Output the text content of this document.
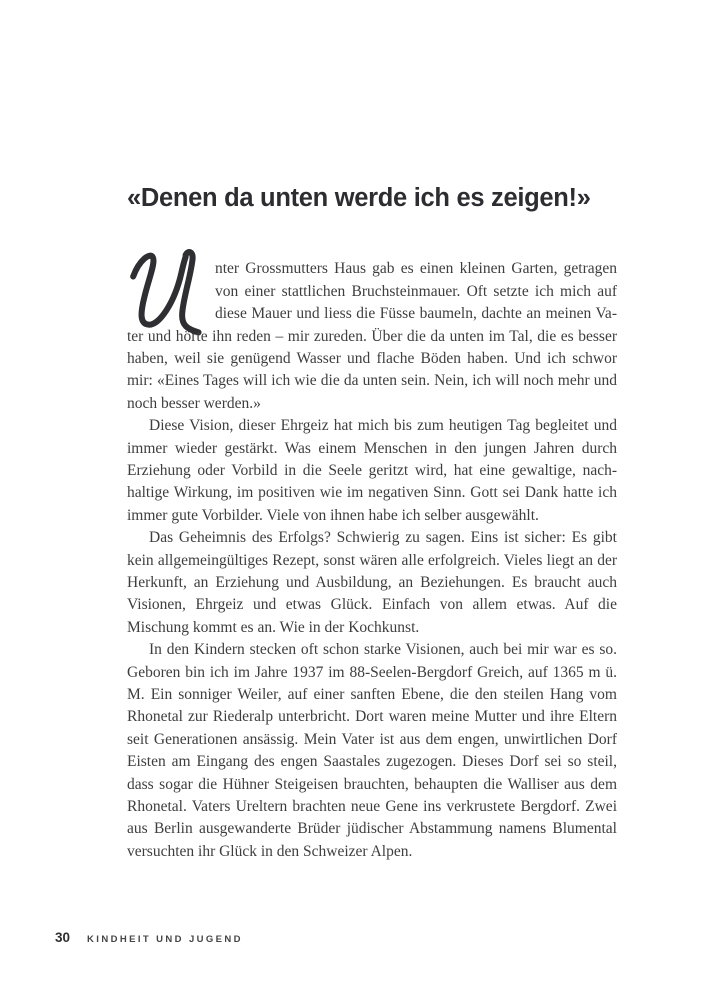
«Denen da unten werde ich es zeigen!»

nter Grossmutters Haus gab es einen kleinen Garten, getragen von einer stattlichen Bruchsteinmauer. Oft setzte ich mich auf diese Mauer und liess die Füsse baumeln, dachte an meinen Vater und hörte ihn reden – mir zureden. Über die da unten im Tal, die es besser haben, weil sie genügend Wasser und flache Böden haben. Und ich schwor mir: «Eines Tages will ich wie die da unten sein. Nein, ich will noch mehr und noch besser werden.»

Diese Vision, dieser Ehrgeiz hat mich bis zum heutigen Tag begleitet und immer wieder gestärkt. Was einem Menschen in den jungen Jahren durch Erziehung oder Vorbild in die Seele geritzt wird, hat eine gewaltige, nachhaltige Wirkung, im positiven wie im negativen Sinn. Gott sei Dank hatte ich immer gute Vorbilder. Viele von ihnen habe ich selber ausgewählt.

Das Geheimnis des Erfolgs? Schwierig zu sagen. Eins ist sicher: Es gibt kein allgemeingültiges Rezept, sonst wären alle erfolgreich. Vieles liegt an der Herkunft, an Erziehung und Ausbildung, an Beziehungen. Es braucht auch Visionen, Ehrgeiz und etwas Glück. Einfach von allem etwas. Auf die Mischung kommt es an. Wie in der Kochkunst.

In den Kindern stecken oft schon starke Visionen, auch bei mir war es so. Geboren bin ich im Jahre 1937 im 88-Seelen-Bergdorf Greich, auf 1365 m ü. M. Ein sonniger Weiler, auf einer sanften Ebene, die den steilen Hang vom Rhonetal zur Riederalp unterbricht. Dort waren meine Mutter und ihre Eltern seit Generationen ansässig. Mein Vater ist aus dem engen, unwirtlichen Dorf Eisten am Eingang des engen Saastales zugezogen. Dieses Dorf sei so steil, dass sogar die Hühner Steigeisen brauchten, behaupten die Walliser aus dem Rhonetal. Vaters Ureltern brachten neue Gene ins verkrustete Bergdorf. Zwei aus Berlin ausgewanderte Brüder jüdischer Abstammung namens Blumental versuchten ihr Glück in den Schweizer Alpen.

30 KINDHEIT UND JUGEND
